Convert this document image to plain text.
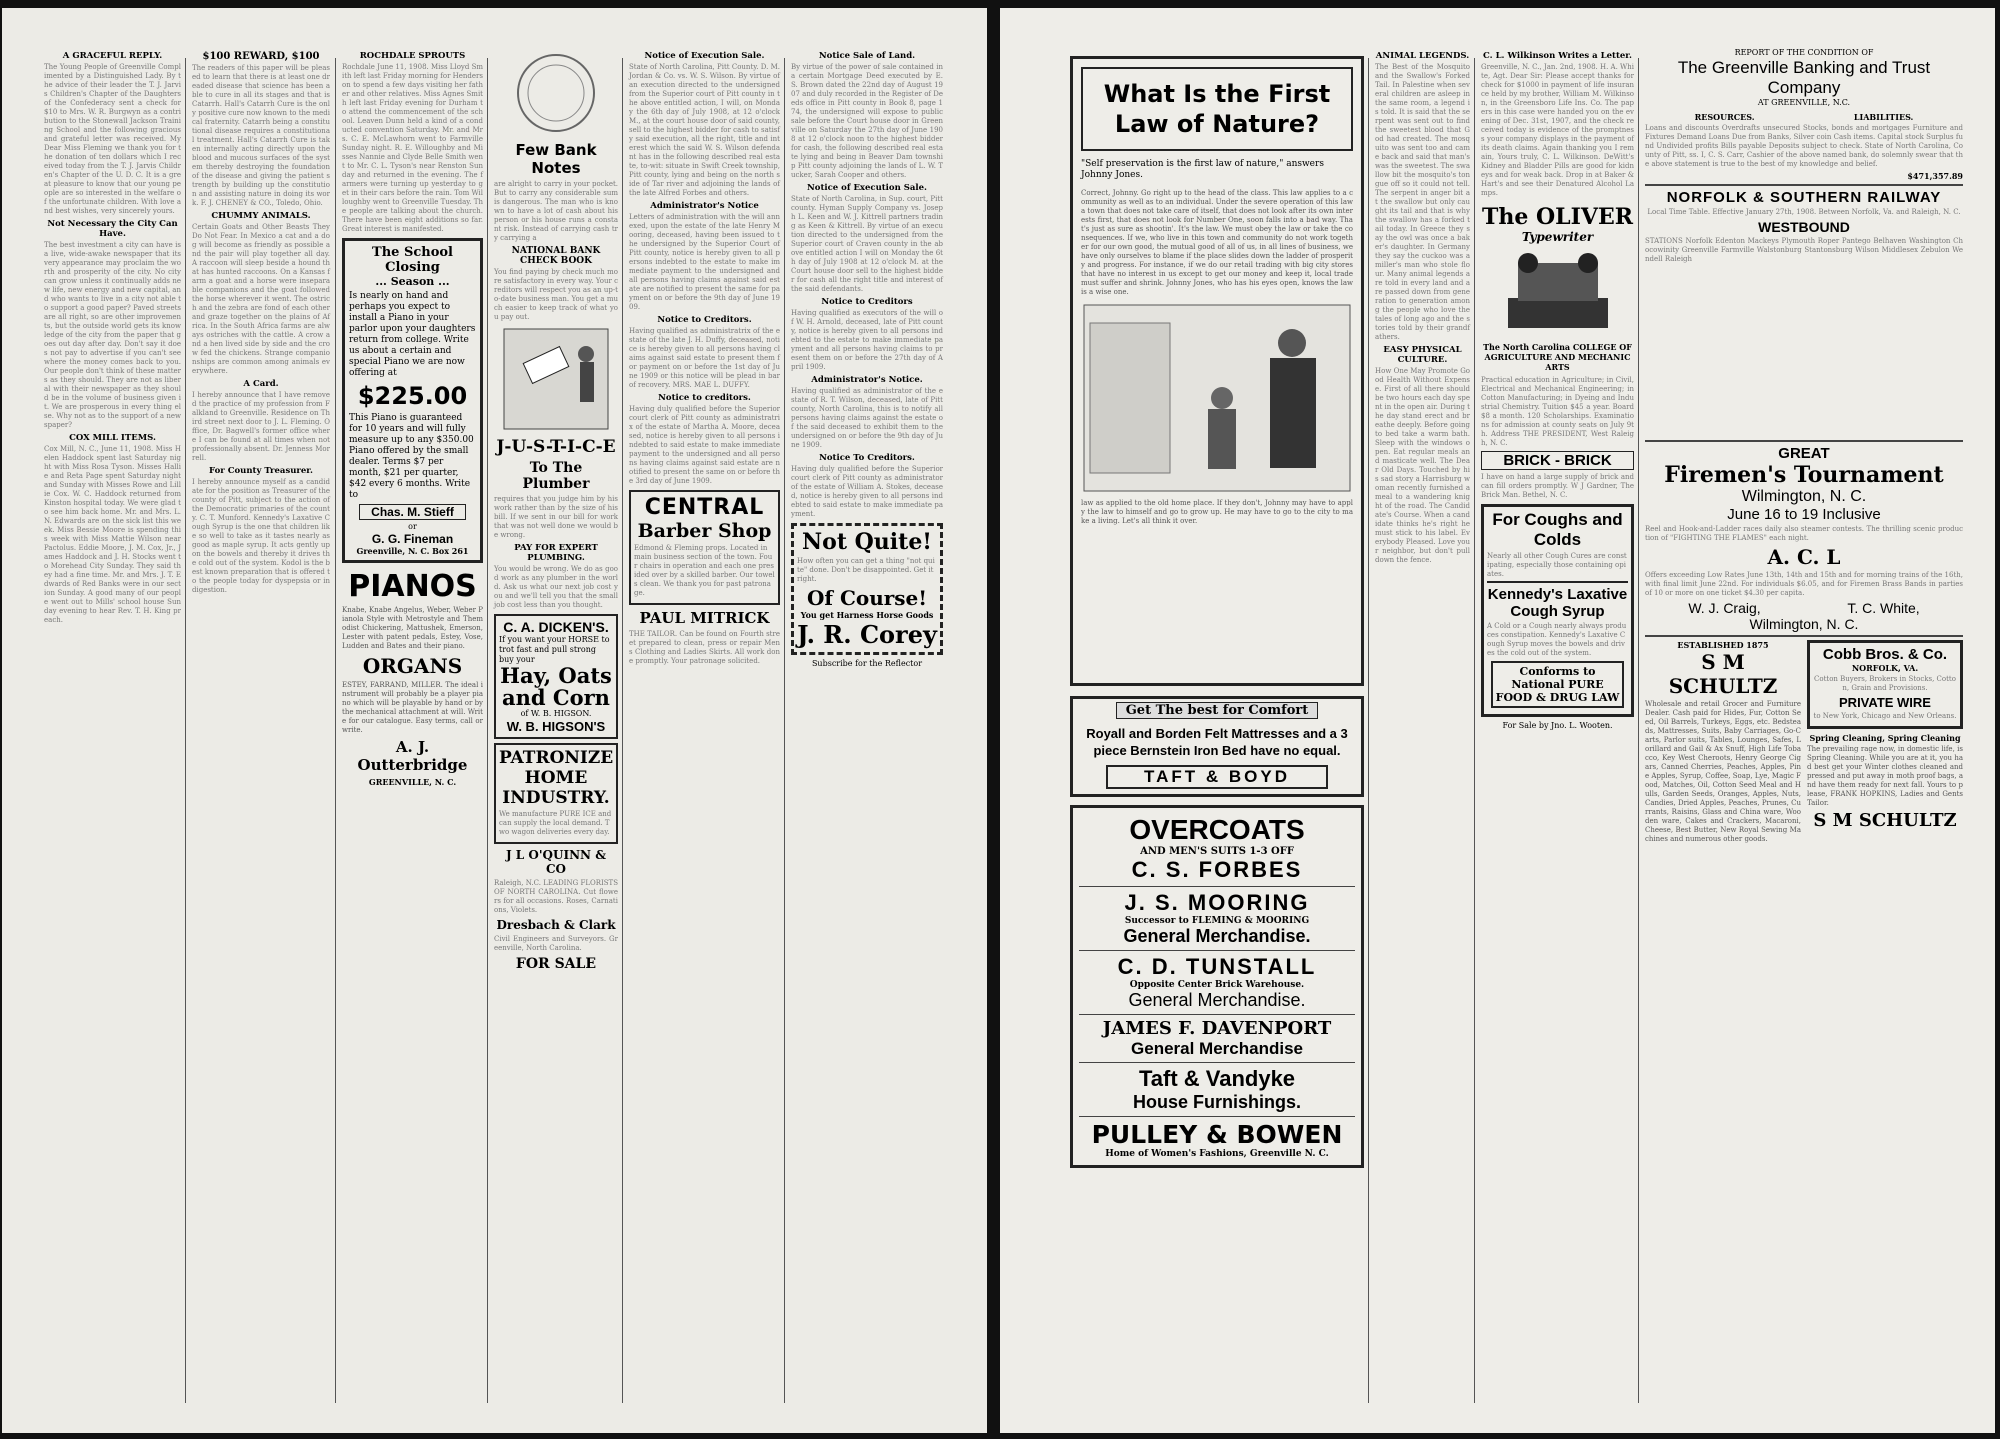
A GRACEFUL REPLY.
The Young People of Greenville Complimented by a Distinguished Lady. By the advice of their leader the T. J. Jarvis Children's Chapter of the Daughters of the Confederacy sent a check for $10 to Mrs. W. R. Burgwyn as a contribution to the Stonewall Jackson Training School and the following gracious and grateful letter was received. My Dear Miss Fleming we thank you for the donation of ten dollars which I received today from the T. J. Jarvis Children's Chapter of the U. D. C. It is a great pleasure to know that our young people are so interested in the welfare of the unfortunate children. With love and best wishes, very sincerely yours.
Not Necessary the City Can Have.
The best investment a city can have is a live, wide-awake newspaper that its very appearance may proclaim the worth and prosperity of the city. No city can grow unless it continually adds new life, new energy and new capital, and who wants to live in a city not able to support a good paper? Paved streets are all right, so are other improvements, but the outside world gets its knowledge of the city from the paper that goes out day after day. Don't say it does not pay to advertise if you can't see where the money comes back to you. Our people don't think of these matters as they should. They are not as liberal with their newspaper as they should be in the volume of business given it. We are prosperous in every thing else. Why not as to the support of a newspaper?
COX MILL ITEMS.
Cox Mill, N. C., June 11, 1908. Miss Helen Haddock spent last Saturday night with Miss Rosa Tyson. Misses Hallie and Reta Page spent Saturday night and Sunday with Misses Rowe and Lillie Cox. W. C. Haddock returned from Kinston hospital today. We were glad to see him back home. Mr. and Mrs. L. N. Edwards are on the sick list this week. Miss Bessie Moore is spending this week with Miss Mattie Wilson near Pactolus. Eddie Moore, J. M. Cox, Jr., James Haddock and J. H. Stocks went to Morehead City Sunday. They said they had a fine time. Mr. and Mrs. J. T. Edwards of Red Banks were in our section Sunday. A good many of our people went out to Mills' school house Sunday evening to hear Rev. T. H. King preach.
$100 REWARD, $100
The readers of this paper will be pleased to learn that there is at least one dreaded disease that science has been able to cure in all its stages and that is Catarrh. Hall's Catarrh Cure is the only positive cure now known to the medical fraternity. Catarrh being a constitutional disease requires a constitutional treatment. Hall's Catarrh Cure is taken internally acting directly upon the blood and mucous surfaces of the system thereby destroying the foundation of the disease and giving the patient strength by building up the constitution and assisting nature in doing its work. F. J. CHENEY & CO., Toledo, Ohio.
CHUMMY ANIMALS.
Certain Goats and Other Beasts They Do Not Fear. In Mexico a cat and a dog will become as friendly as possible and the pair will play together all day. A raccoon will sleep beside a hound that has hunted raccoons. On a Kansas farm a goat and a horse were inseparable companions and the goat followed the horse wherever it went. The ostrich and the zebra are fond of each other and graze together on the plains of Africa. In the South Africa farms are always ostriches with the cattle. A crow and a hen lived side by side and the crow fed the chickens. Strange companionships are common among animals everywhere.
A Card.
I hereby announce that I have removed the practice of my profession from Falkland to Greenville. Residence on Third street next door to J. L. Fleming. Office, Dr. Bagwell's former office where I can be found at all times when not professionally absent. Dr. Jenness Morrell.
For County Treasurer.
I hereby announce myself as a candidate for the position as Treasurer of the county of Pitt, subject to the action of the Democratic primaries of the county. C. T. Munford. Kennedy's Laxative Cough Syrup is the one that children like so well to take as it tastes nearly as good as maple syrup. It acts gently upon the bowels and thereby it drives the cold out of the system. Kodol is the best known preparation that is offered to the people today for dyspepsia or indigestion.
ROCHDALE SPROUTS
Rochdale June 11, 1908. Miss Lloyd Smith left last Friday morning for Henderson to spend a few days visiting her father and other relatives. Miss Agnes Smith left last Friday evening for Durham to attend the commencement of the school. Leaven Dunn held a kind of a conducted convention Saturday. Mr. and Mrs. C. E. McLawhorn went to Farmville Sunday night. R. E. Willoughby and Misses Nannie and Clyde Belle Smith went to Mr. C. L. Tyson's near Renston Sunday and returned in the evening. The farmers were turning up yesterday to get in their cars before the rain. Tom Willoughby went to Greenville Tuesday. The people are talking about the church. There have been eight additions so far. Great interest is manifested.
The School Closing
... Season ...
Is nearly on hand and perhaps you expect to install a Piano in your parlor upon your daughters return from college. Write us about a certain and special Piano we are now offering at
$225.00
This Piano is guaranteed for 10 years and will fully measure up to any $350.00 Piano offered by the small dealer. Terms $7 per month, $21 per quarter, $42 every 6 months. Write to
Chas. M. Stieff
or
G. G. Fineman
Greenville, N. C. Box 261
PIANOS
Knabe, Knabe Angelus, Weber, Weber Pianola Style with Metrostyle and Themodist Chickering, Mattushek, Emerson, Lester with patent pedals, Estey, Vose, Ludden and Bates and their piano.
ORGANS
ESTEY, FARRAND, MILLER. The ideal instrument will probably be a player piano which will be playable by hand or by the mechanical attachment at will. Write for our catalogue. Easy terms, call or write.
A. J. Outterbridge
GREENVILLE, N. C.
Few Bank Notes
are alright to carry in your pocket. But to carry any considerable sum is dangerous. The man who is known to have a lot of cash about his person or his house runs a constant risk. Instead of carrying cash try carrying a
NATIONAL BANK CHECK BOOK
You find paying by check much more satisfactory in every way. Your creditors will respect you as an up-to-date business man. You get a much easier to keep track of what you pay out.
J-U-S-T-I-C-E
To The Plumber
requires that you judge him by his work rather than by the size of his bill. If we sent in our bill for work that was not well done we would be wrong.
PAY FOR EXPERT PLUMBING.
You would be wrong. We do as good work as any plumber in the world. Ask us what our next job cost you and we'll tell you that the small job cost less than you thought.
C. A. DICKEN'S.
If you want your HORSE to trot fast and pull strong buy your
Hay, Oats and Corn
of W. B. HIGSON.
W. B. HIGSON'S
PATRONIZE
HOME
INDUSTRY.
We manufacture PURE ICE and can supply the local demand. Two wagon deliveries every day.
J L O'QUINN & CO
Raleigh, N.C. LEADING FLORISTS OF NORTH CAROLINA. Cut flowers for all occasions. Roses, Carnations, Violets.
Dresbach & Clark
Civil Engineers and Surveyors. Greenville, North Carolina.
FOR SALE
Notice of Execution Sale.
State of North Carolina, Pitt County. D. M. Jordan & Co. vs. W. S. Wilson. By virtue of an execution directed to the undersigned from the Superior court of Pitt county in the above entitled action, I will, on Monday the 6th day of July 1908, at 12 o'clock M., at the court house door of said county, sell to the highest bidder for cash to satisfy said execution, all the right, title and interest which the said W. S. Wilson defendant has in the following described real estate, to-wit: situate in Swift Creek township, Pitt county, lying and being on the north side of Tar river and adjoining the lands of the late Alfred Forbes and others.
Administrator's Notice
Letters of administration with the will annexed, upon the estate of the late Henry Mooring, deceased, having been issued to the undersigned by the Superior Court of Pitt county, notice is hereby given to all persons indebted to the estate to make immediate payment to the undersigned and all persons having claims against said estate are notified to present the same for payment on or before the 9th day of June 1909.
Notice to Creditors.
Having qualified as administratrix of the estate of the late J. H. Duffy, deceased, notice is hereby given to all persons having claims against said estate to present them for payment on or before the 1st day of June 1909 or this notice will be plead in bar of recovery. MRS. MAE L. DUFFY.
Notice to creditors.
Having duly qualified before the Superior court clerk of Pitt county as administratrix of the estate of Martha A. Moore, deceased, notice is hereby given to all persons indebted to said estate to make immediate payment to the undersigned and all persons having claims against said estate are notified to present the same on or before the 3rd day of June 1909.
CENTRAL
Barber Shop
Edmond & Fleming props. Located in main business section of the town. Four chairs in operation and each one presided over by a skilled barber. Our towels clean. We thank you for past patronage.
PAUL MITRICK
THE TAILOR. Can be found on Fourth street prepared to clean, press or repair Mens Clothing and Ladies Skirts. All work done promptly. Your patronage solicited.
Notice Sale of Land.
By virtue of the power of sale contained in a certain Mortgage Deed executed by E. S. Brown dated the 22nd day of August 1907 and duly recorded in the Register of Deeds office in Pitt county in Book 8, page 174, the undersigned will expose to public sale before the Court house door in Greenville on Saturday the 27th day of June 1908 at 12 o'clock noon to the highest bidder for cash, the following described real estate lying and being in Beaver Dam township Pitt county adjoining the lands of L. W. Tucker, Sarah Cooper and others.
Notice of Execution Sale.
State of North Carolina, in Sup. court, Pitt county. Hyman Supply Company vs. Joseph L. Keen and W. J. Kittrell partners trading as Keen & Kittrell. By virtue of an execution directed to the undersigned from the Superior court of Craven county in the above entitled action I will on Monday the 6th day of July 1908 at 12 o'clock M. at the Court house door sell to the highest bidder for cash all the right title and interest of the said defendants.
Notice to Creditors
Having qualified as executors of the will of W. H. Arnold, deceased, late of Pitt county, notice is hereby given to all persons indebted to the estate to make immediate payment and all persons having claims to present them on or before the 27th day of April 1909.
Administrator's Notice.
Having qualified as administrator of the estate of R. T. Wilson, deceased, late of Pitt county, North Carolina, this is to notify all persons having claims against the estate of the said deceased to exhibit them to the undersigned on or before the 9th day of June 1909.
Notice To Creditors.
Having duly qualified before the Superior court clerk of Pitt county as administrator of the estate of William A. Stokes, deceased, notice is hereby given to all persons indebted to said estate to make immediate payment.
Not Quite!
How often you can get a thing "not quite" done. Don't be disappointed. Get it right.
Of Course!
You get Harness Horse Goods
J. R. Corey
Subscribe for the Reflector
What Is the First Law of Nature?
"Self preservation is the first law of nature," answers Johnny Jones.
Correct, Johnny. Go right up to the head of the class. This law applies to a community as well as to an individual. Under the severe operation of this law a town that does not take care of itself, that does not look after its own interests first, that does not look for Number One, soon falls into a bad way. That's just as sure as shootin'. It's the law. We must obey the law or take the consequences. If we, who live in this town and community do not work together for our own good, the mutual good of all of us, in all lines of business, we have only ourselves to blame if the place slides down the ladder of prosperity and progress. For instance, if we do our retail trading with big city stores that have no interest in us except to get our money and keep it, local trade must suffer and shrink. Johnny Jones, who has his eyes open, knows the law is a wise one.
law as applied to the old home place. If they don't, Johnny may have to apply the law to himself and go to grow up. He may have to go to the city to make a living. Let's all think it over.
Get The best for Comfort
Royall and Borden Felt Mattresses and a 3 piece Bernstein Iron Bed have no equal.
TAFT & BOYD
OVERCOATS
AND MEN'S SUITS 1-3 OFF
C. S. FORBES
J. S. MOORING
Successor to FLEMING & MOORING
General Merchandise.
C. D. TUNSTALL
Opposite Center Brick Warehouse.
General Merchandise.
JAMES F. DAVENPORT
General Merchandise
Taft & Vandyke
House Furnishings.
PULLEY & BOWEN
Home of Women's Fashions, Greenville N. C.
ANIMAL LEGENDS.
The Best of the Mosquito and the Swallow's Forked Tail. In Palestine when several children are asleep in the same room, a legend is told. It is said that the serpent was sent out to find the sweetest blood that God had created. The mosquito was sent too and came back and said that man's was the sweetest. The swallow bit the mosquito's tongue off so it could not tell. The serpent in anger bit at the swallow but only caught its tail and that is why the swallow has a forked tail today. In Greece they say the owl was once a baker's daughter. In Germany they say the cuckoo was a miller's man who stole flour. Many animal legends are told in every land and are passed down from generation to generation among the people who love the tales of long ago and the stories told by their grandfathers.
EASY PHYSICAL CULTURE.
How One May Promote Good Health Without Expense. First of all there should be two hours each day spent in the open air. During the day stand erect and breathe deeply. Before going to bed take a warm bath. Sleep with the windows open. Eat regular meals and masticate well. The Dear Old Days. Touched by his sad story a Harrisburg woman recently furnished a meal to a wandering knight of the road. The Candidate's Course. When a candidate thinks he's right he must stick to his label. Everybody Pleased. Love your neighbor, but don't pull down the fence.
C. L. Wilkinson Writes a Letter.
Greenville, N. C., Jan. 2nd, 1908. H. A. White, Agt. Dear Sir: Please accept thanks for check for $1000 in payment of life insurance held by my brother, William M. Wilkinson, in the Greensboro Life Ins. Co. The papers in this case were handed you on the evening of Dec. 31st, 1907, and the check received today is evidence of the promptness your company displays in the payment of its death claims. Again thanking you I remain, Yours truly, C. L. Wilkinson. DeWitt's Kidney and Bladder Pills are good for kidneys and for weak back. Drop in at Baker & Hart's and see their Denatured Alcohol Lamps.
The OLIVER
Typewriter
The North Carolina COLLEGE OF AGRICULTURE AND MECHANIC ARTS
Practical education in Agriculture; in Civil, Electrical and Mechanical Engineering; in Cotton Manufacturing; in Dyeing and Industrial Chemistry. Tuition $45 a year. Board $8 a month. 120 Scholarships. Examinations for admission at county seats on July 9th. Address THE PRESIDENT, West Raleigh, N. C.
BRICK - BRICK
I have on hand a large supply of brick and can fill orders promptly. W J Gardner, The Brick Man. Bethel, N. C.
For Coughs and Colds
Nearly all other Cough Cures are constipating, especially those containing opiates.
Kennedy's Laxative
Cough Syrup
A Cold or a Cough nearly always produces constipation. Kennedy's Laxative Cough Syrup moves the bowels and drives the cold out of the system.
Conforms to National PURE FOOD & DRUG LAW
For Sale by Jno. L. Wooten.
REPORT OF THE CONDITION OF
The Greenville Banking and Trust Company
AT GREENVILLE, N.C.
RESOURCES.	LIABILITIES.
Loans and discounts Overdrafts unsecured Stocks, bonds and mortgages Furniture and Fixtures Demand Loans Due from Banks, Silver coin Cash items. Capital stock Surplus fund Undivided profits Bills payable Deposits subject to check. State of North Carolina, County of Pitt, ss. I, C. S. Carr, Cashier of the above named bank, do solemnly swear that the above statement is true to the best of my knowledge and belief.
$471,357.89
NORFOLK & SOUTHERN RAILWAY
Local Time Table. Effective January 27th, 1908. Between Norfolk, Va. and Raleigh, N. C.
WESTBOUND
STATIONS Norfolk Edenton Mackeys Plymouth Roper Pantego Belhaven Washington Chocowinity Greenville Farmville Walstonburg Stantonsburg Wilson Middlesex Zebulon Wendell Raleigh
GREAT
Firemen's Tournament
Wilmington, N. C.
June 16 to 19 Inclusive
Reel and Hook-and-Ladder races daily also steamer contests. The thrilling scenic production of "FIGHTING THE FLAMES" each night.
A. C. L
Offers exceeding Low Rates June 13th, 14th and 15th and for morning trains of the 16th, with final limit June 22nd. For individuals $6.05, and for Firemen Brass Bands in parties of 10 or more on one ticket $4.30 per capita.
W. J. Craig,	T. C. White,
Wilmington, N. C.
ESTABLISHED 1875
S M SCHULTZ
Wholesale and retail Grocer and Furniture Dealer. Cash paid for Hides, Fur, Cotton Seed, Oil Barrels, Turkeys, Eggs, etc. Bedsteads, Mattresses, Suits, Baby Carriages, Go-Carts, Parlor suits, Tables, Lounges, Safes, Lorillard and Gail & Ax Snuff, High Life Tobacco, Key West Cheroots, Henry George Cigars, Canned Cherries, Peaches, Apples, Pine Apples, Syrup, Coffee, Soap, Lye, Magic Food, Matches, Oil, Cotton Seed Meal and Hulls, Garden Seeds, Oranges, Apples, Nuts, Candies, Dried Apples, Peaches, Prunes, Currants, Raisins, Glass and China ware, Wooden ware, Cakes and Crackers, Macaroni, Cheese, Best Butter, New Royal Sewing Machines and numerous other goods.
Cobb Bros. & Co.
NORFOLK, VA.
Cotton Buyers, Brokers in Stocks, Cotton, Grain and Provisions.
PRIVATE WIRE
to New York, Chicago and New Orleans.
Spring Cleaning, Spring Cleaning
The prevailing rage now, in domestic life, is Spring Cleaning. While you are at it, you had best get your Winter clothes cleaned and pressed and put away in moth proof bags, and have them ready for next fall. Yours to please, FRANK HOPKINS, Ladies and Gents Tailor.
S M SCHULTZ
